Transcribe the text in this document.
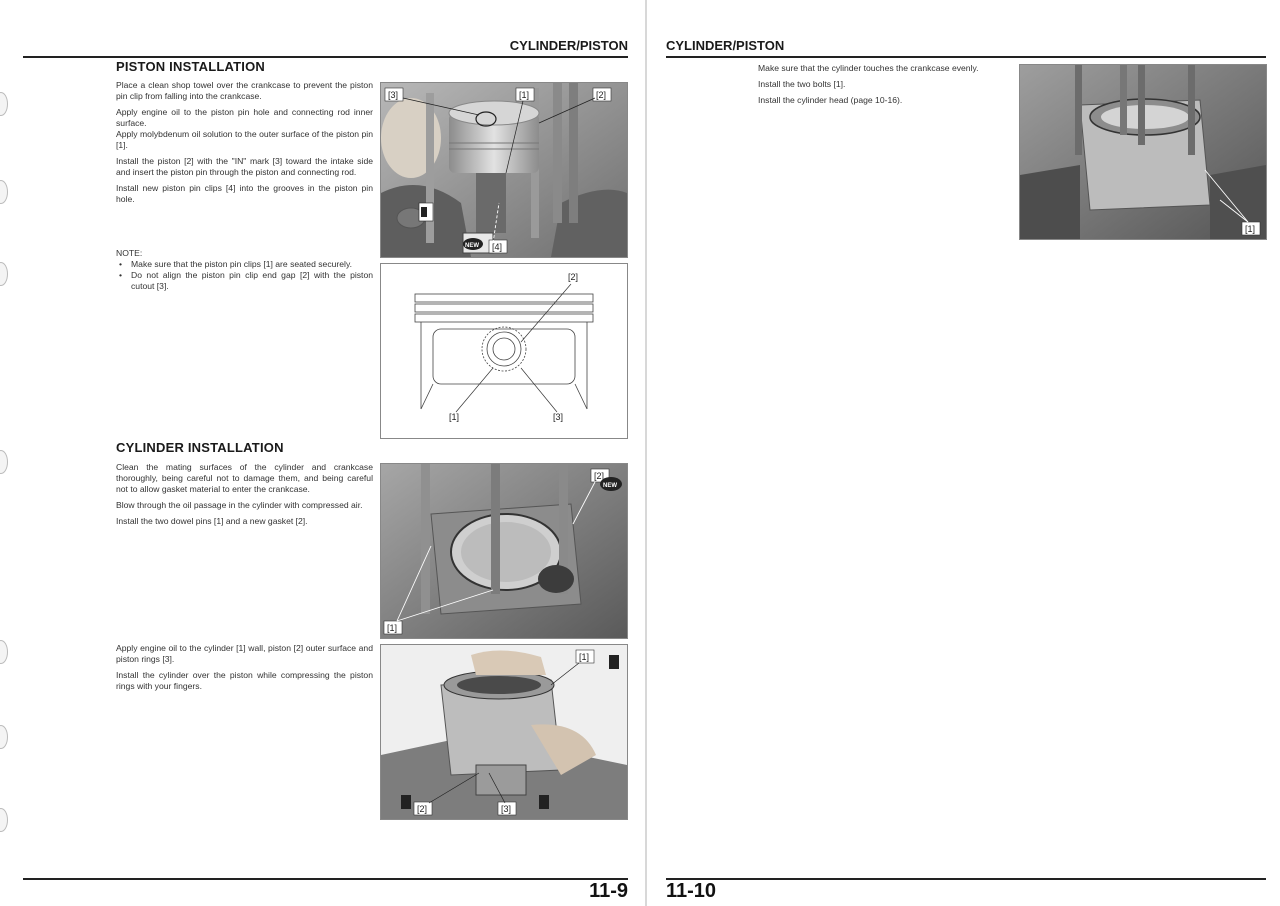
CYLINDER/PISTON
PISTON INSTALLATION

Place a clean shop towel over the crankcase to prevent the piston pin clip from falling into the crankcase.

Apply engine oil to the piston pin hole and connecting rod inner surface.
Apply molybdenum oil solution to the outer surface of the piston pin [1].

Install the piston [2] with the "IN" mark [3] toward the intake side and insert the piston pin through the piston and connecting rod.

Install new piston pin clips [4] into the grooves in the piston pin hole.

NOTE:
• Make sure that the piston pin clips [1] are seated securely.
• Do not align the piston pin clip end gap [2] with the piston cutout [3].
[3]	[1]	[2]
[4]
NEW
[2]
[1]	[3]
CYLINDER INSTALLATION

Clean the mating surfaces of the cylinder and crankcase thoroughly, being careful not to damage them, and being careful not to allow gasket material to enter the crankcase.

Blow through the oil passage in the cylinder with compressed air.

Install the two dowel pins [1] and a new gasket [2].

[2]
[1]
NEW

Apply engine oil to the cylinder [1] wall, piston [2] outer surface and piston rings [3].

Install the cylinder over the piston while compressing the piston rings with your fingers.

[1]
[2]	[3]
11-9
CYLINDER/PISTON

Make sure that the cylinder touches the crankcase evenly.

Install the two bolts [1].

Install the cylinder head (page 10-16).

[1]
11-10
